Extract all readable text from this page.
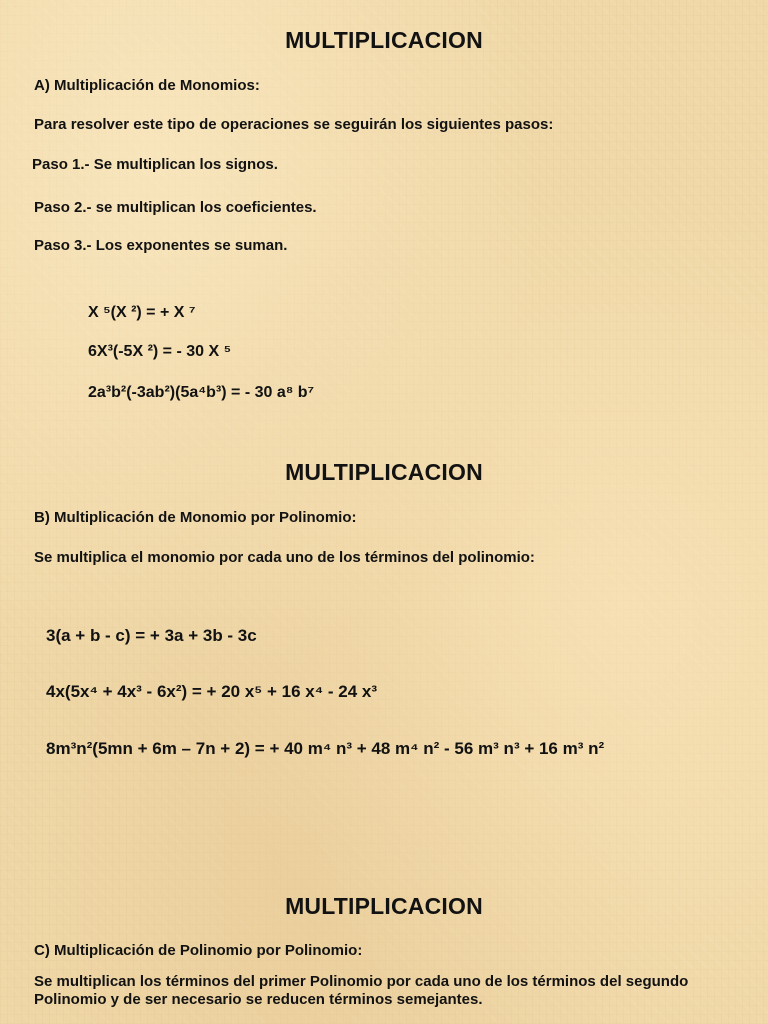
MULTIPLICACION
A) Multiplicación de Monomios:
Para resolver este tipo de operaciones se seguirán los siguientes pasos:
Paso 1.- Se multiplican los signos.
Paso 2.- se multiplican los coeficientes.
Paso 3.- Los exponentes se suman.
X ⁵(X ²) = + X ⁷
6X³(-5X ²) = - 30 X ⁵
2a³b²(-3ab²)(5a⁴b³) = - 30 a⁸ b⁷
MULTIPLICACION
B) Multiplicación de Monomio por Polinomio:
Se multiplica el monomio por cada uno de los términos del polinomio:
3(a + b - c) = + 3a + 3b - 3c
4x(5x⁴ + 4x³ - 6x²) = + 20 x⁵ + 16 x⁴ - 24 x³
8m³n²(5mn + 6m – 7n + 2) = + 40 m⁴ n³ + 48 m⁴ n² - 56 m³ n³ + 16 m³ n²
MULTIPLICACION
C) Multiplicación de Polinomio por Polinomio:
Se multiplican los términos del primer Polinomio por cada uno de los términos del segundo Polinomio y de ser necesario se reducen términos semejantes.
